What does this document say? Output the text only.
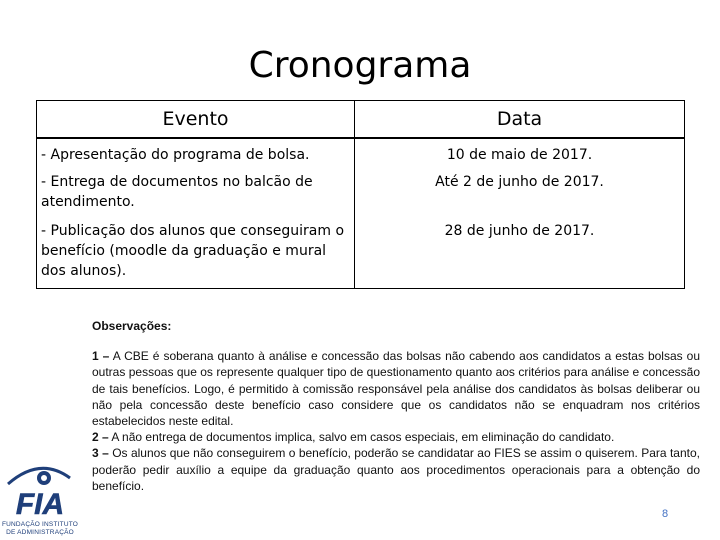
Cronograma
Evento	Data
- Apresentação do programa de bolsa.	10 de maio de 2017.
- Entrega de documentos no balcão de atendimento.	Até 2 de junho de 2017.
- Publicação dos alunos que conseguiram o benefício (moodle da graduação e mural dos alunos).	28 de junho de 2017.
Observações:
1 – A CBE é soberana quanto à análise e concessão das bolsas não cabendo aos candidatos a estas bolsas ou outras pessoas que os represente qualquer tipo de questionamento quanto aos critérios para análise e concessão de tais benefícios. Logo, é permitido à comissão responsável pela análise dos candidatos às bolsas deliberar ou não pela concessão deste benefício caso considere que os candidatos não se enquadram nos critérios estabelecidos neste edital.
2 – A não entrega de documentos implica, salvo em casos especiais, em eliminação do candidato.
3 – Os alunos que não conseguirem o benefício, poderão se candidatar ao FIES se assim o quiserem. Para tanto, poderão pedir auxílio a equipe da graduação quanto aos procedimentos operacionais para a obtenção do benefício.
FIA
FUNDAÇÃO INSTITUTO DE ADMINISTRAÇÃO
8
